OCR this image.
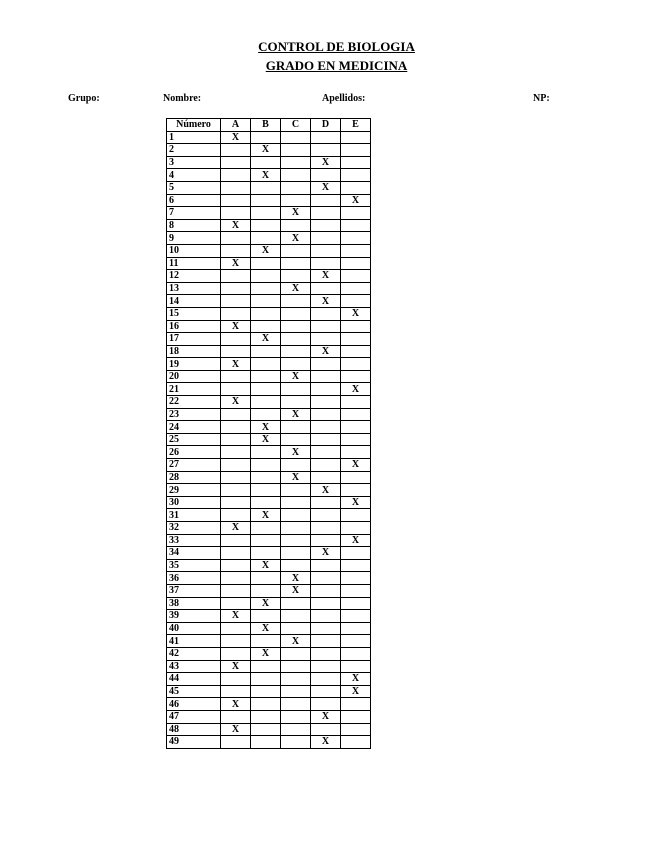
CONTROL DE BIOLOGIA
GRADO EN MEDICINA
Grupo:	Nombre:	Apellidos:	NP:
Número	A	B	C	D	E
1	X				
2		X			
3				X	
4		X			
5				X	
6					X
7			X		
8	X				
9			X		
10		X			
11	X				
12				X	
13			X		
14				X	
15					X
16	X				
17		X			
18				X	
19	X				
20			X		
21					X
22	X				
23			X		
24		X			
25		X			
26			X		
27					X
28			X		
29				X	
30					X
31		X			
32	X				
33					X
34				X	
35		X			
36			X		
37			X		
38		X			
39	X				
40		X			
41			X		
42		X			
43	X				
44					X
45					X
46	X				
47				X	
48	X				
49				X	
